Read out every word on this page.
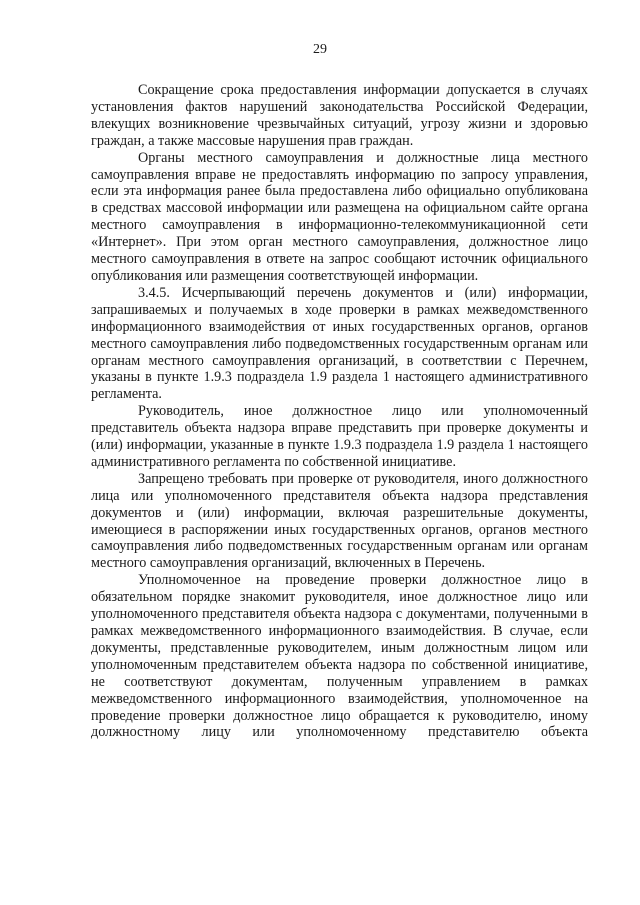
29

Сокращение срока предоставления информации допускается в случаях установления фактов нарушений законодательства Российской Федерации, влекущих возникновение чрезвычайных ситуаций, угрозу жизни и здоровью граждан, а также массовые нарушения прав граждан.

Органы местного самоуправления и должностные лица местного самоуправления вправе не предоставлять информацию по запросу управления, если эта информация ранее была предоставлена либо официально опубликована в средствах массовой информации или размещена на официальном сайте органа местного самоуправления в информационно-телекоммуникационной сети «Интернет». При этом орган местного самоуправления, должностное лицо местного самоуправления в ответе на запрос сообщают источник официального опубликования или размещения соответствующей информации.

3.4.5. Исчерпывающий перечень документов и (или) информации, запрашиваемых и получаемых в ходе проверки в рамках межведомственного информационного взаимодействия от иных государственных органов, органов местного самоуправления либо подведомственных государственным органам или органам местного самоуправления организаций, в соответствии с Перечнем, указаны в пункте 1.9.3 подраздела 1.9 раздела 1 настоящего административного регламента.

Руководитель, иное должностное лицо или уполномоченный представитель объекта надзора вправе представить при проверке документы и (или) информации, указанные в пункте 1.9.3 подраздела 1.9 раздела 1 настоящего административного регламента по собственной инициативе.

Запрещено требовать при проверке от руководителя, иного должностного лица или уполномоченного представителя объекта надзора представления документов и (или) информации, включая разрешительные документы, имеющиеся в распоряжении иных государственных органов, органов местного самоуправления либо подведомственных государственным органам или органам местного самоуправления организаций, включенных в Перечень.

Уполномоченное на проведение проверки должностное лицо в обязательном порядке знакомит руководителя, иное должностное лицо или уполномоченного представителя объекта надзора с документами, полученными в рамках межведомственного информационного взаимодействия. В случае, если документы, представленные руководителем, иным должностным лицом или уполномоченным представителем объекта надзора по собственной инициативе, не соответствуют документам, полученным управлением в рамках межведомственного информационного взаимодействия, уполномоченное на проведение проверки должностное лицо обращается к руководителю, иному должностному лицу или уполномоченному представителю объекта
